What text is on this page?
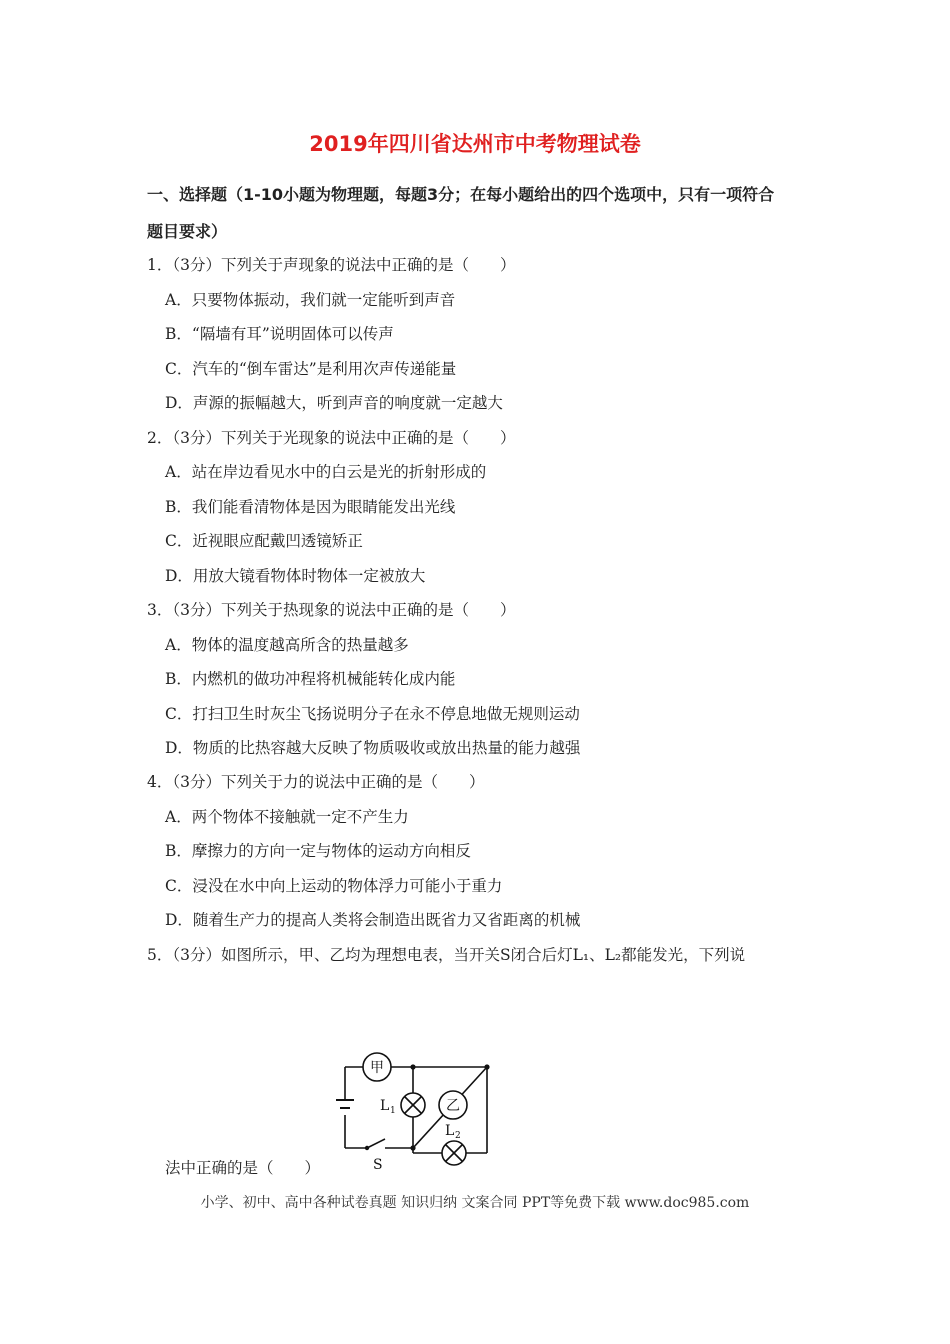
2019年四川省达州市中考物理试卷
一、选择题（1-10小题为物理题，每题3分；在每小题给出的四个选项中，只有一项符合
题目要求）
1．（3分）下列关于声现象的说法中正确的是（　　）
A．只要物体振动，我们就一定能听到声音
B．“隔墙有耳”说明固体可以传声
C．汽车的“倒车雷达”是利用次声传递能量
D．声源的振幅越大，听到声音的响度就一定越大
2．（3分）下列关于光现象的说法中正确的是（　　）
A．站在岸边看见水中的白云是光的折射形成的
B．我们能看清物体是因为眼睛能发出光线
C．近视眼应配戴凹透镜矫正
D．用放大镜看物体时物体一定被放大
3．（3分）下列关于热现象的说法中正确的是（　　）
A．物体的温度越高所含的热量越多
B．内燃机的做功冲程将机械能转化成内能
C．打扫卫生时灰尘飞扬说明分子在永不停息地做无规则运动
D．物质的比热容越大反映了物质吸收或放出热量的能力越强
4．（3分）下列关于力的说法中正确的是（　　）
A．两个物体不接触就一定不产生力
B．摩擦力的方向一定与物体的运动方向相反
C．浸没在水中向上运动的物体浮力可能小于重力
D．随着生产力的提高人类将会制造出既省力又省距离的机械
5．（3分）如图所示，甲、乙均为理想电表，当开关S闭合后灯L₁、L₂都能发光，下列说
法中正确的是（　　）
甲
乙
L 1
L 2
S
小学、初中、高中各种试卷真题 知识归纳 文案合同 PPT等免费下载 www.doc985.com
